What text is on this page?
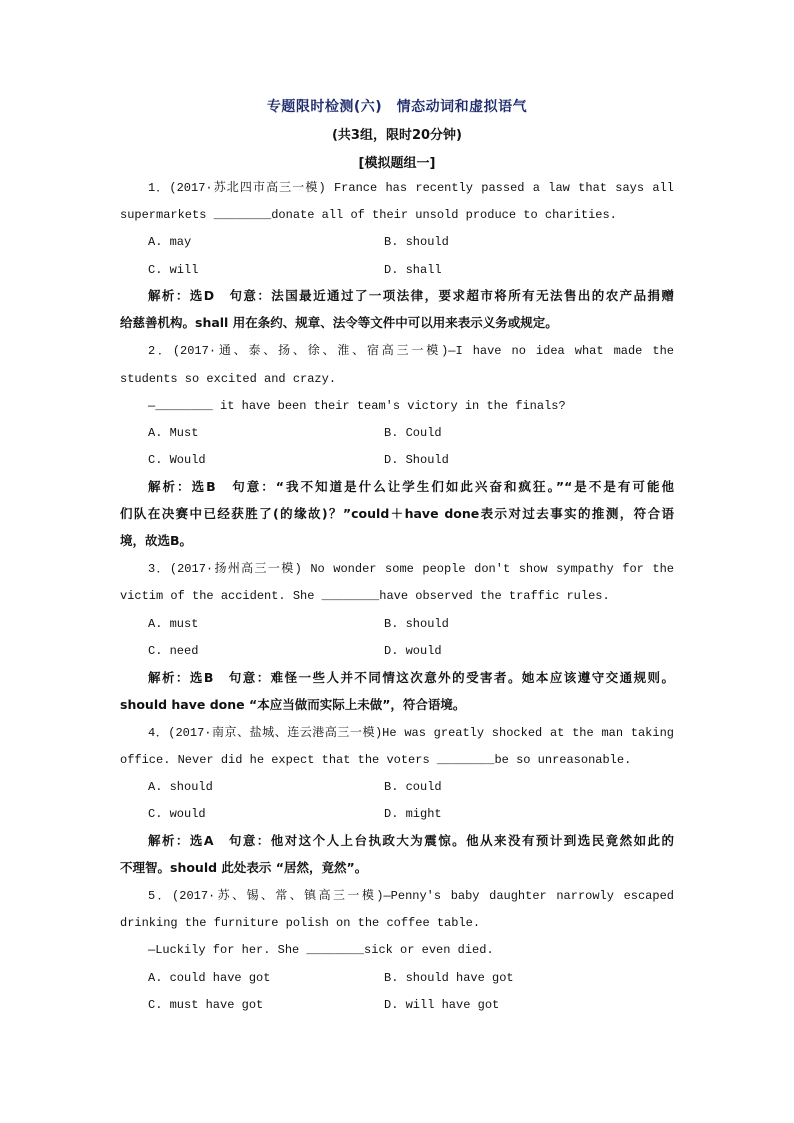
专题限时检测(六)　情态动词和虚拟语气
(共3组，限时20分钟)
[模拟题组一]
1．(2017·苏北四市高三一模) France has recently passed a law that says all
supermarkets ________donate all of their unsold produce to charities.
A. may	B. should
C. will	D. shall
解析：选D　句意：法国最近通过了一项法律，要求超市将所有无法售出的农产品捐赠
给慈善机构。shall 用在条约、规章、法令等文件中可以用来表示义务或规定。
2．(2017·通、泰、扬、徐、淮、宿高三一模)—I have no idea what made the
students so excited and crazy.
—________ it have been their team's victory in the finals?
A. Must	B. Could
C. Would	D. Should
解析：选B　句意：“我不知道是什么让学生们如此兴奋和疯狂。”“是不是有可能他
们队在决赛中已经获胜了(的缘故)？”could＋have done表示对过去事实的推测，符合语
境，故选B。
3．(2017·扬州高三一模) No wonder some people don't show sympathy for the
victim of the accident. She ________have observed the traffic rules.
A. must	B. should
C. need	D. would
解析：选B　句意：难怪一些人并不同情这次意外的受害者。她本应该遵守交通规则。
should have done “本应当做而实际上未做”，符合语境。
4．(2017·南京、盐城、连云港高三一模)He was greatly shocked at the man taking
office. Never did he expect that the voters ________be so unreasonable.
A. should	B. could
C. would	D. might
解析：选A　句意：他对这个人上台执政大为震惊。他从来没有预计到选民竟然如此的
不理智。should 此处表示 “居然，竟然”。
5．(2017·苏、锡、常、镇高三一模)—Penny's baby daughter narrowly escaped
drinking the furniture polish on the coffee table.
—Luckily for her. She ________sick or even died.
A. could have got	B. should have got
C. must have got	D. will have got
